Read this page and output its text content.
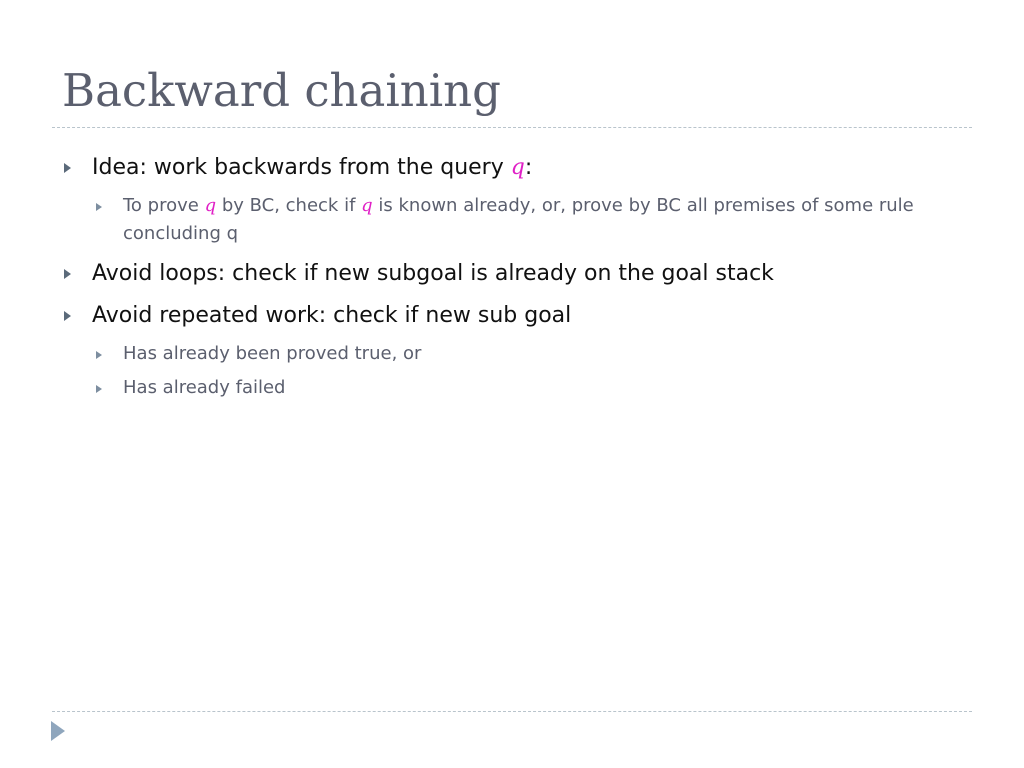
Backward chaining
Idea: work backwards from the query q:
To prove q by BC, check if q is known already, or, prove by BC all premises of some rule concluding q
Avoid loops: check if new subgoal is already on the goal stack
Avoid repeated work: check if new sub goal
Has already been proved true, or
Has already failed
